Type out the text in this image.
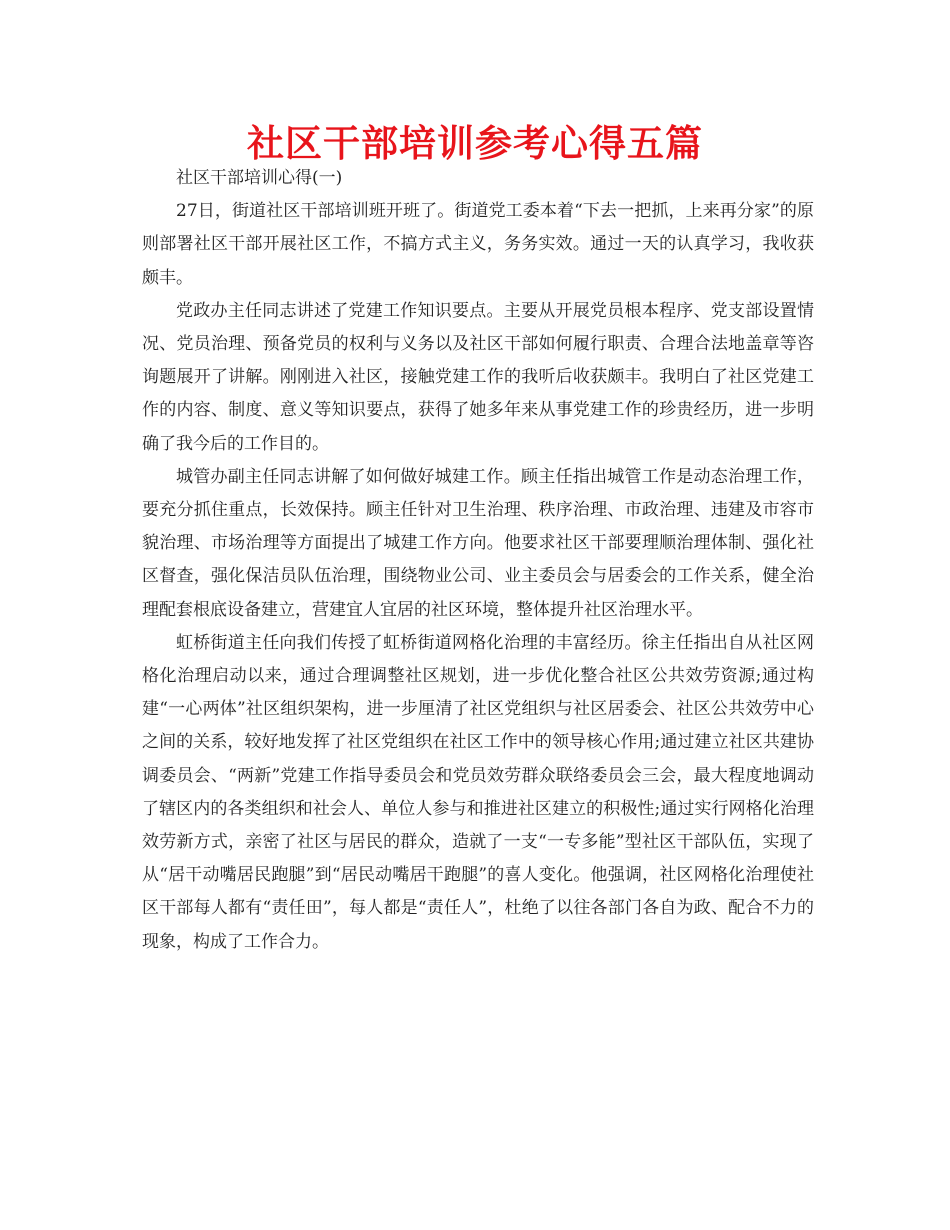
社区干部培训参考心得五篇

社区干部培训心得(一)

27日，街道社区干部培训班开班了。街道党工委本着“下去一把抓，上来再分家”的原则部署社区干部开展社区工作，不搞方式主义，务务实效。通过一天的认真学习，我收获颇丰。

党政办主任同志讲述了党建工作知识要点。主要从开展党员根本程序、党支部设置情况、党员治理、预备党员的权利与义务以及社区干部如何履行职责、合理合法地盖章等咨询题展开了讲解。刚刚进入社区，接触党建工作的我听后收获颇丰。我明白了社区党建工作的内容、制度、意义等知识要点，获得了她多年来从事党建工作的珍贵经历，进一步明确了我今后的工作目的。

城管办副主任同志讲解了如何做好城建工作。顾主任指出城管工作是动态治理工作，要充分抓住重点，长效保持。顾主任针对卫生治理、秩序治理、市政治理、违建及市容市貌治理、市场治理等方面提出了城建工作方向。他要求社区干部要理顺治理体制、强化社区督查，强化保洁员队伍治理，围绕物业公司、业主委员会与居委会的工作关系，健全治理配套根底设备建立，营建宜人宜居的社区环境，整体提升社区治理水平。

虹桥街道主任向我们传授了虹桥街道网格化治理的丰富经历。徐主任指出自从社区网格化治理启动以来，通过合理调整社区规划，进一步优化整合社区公共效劳资源;通过构建“一心两体”社区组织架构，进一步厘清了社区党组织与社区居委会、社区公共效劳中心之间的关系，较好地发挥了社区党组织在社区工作中的领导核心作用;通过建立社区共建协调委员会、“两新”党建工作指导委员会和党员效劳群众联络委员会三会，最大程度地调动了辖区内的各类组织和社会人、单位人参与和推进社区建立的积极性;通过实行网格化治理效劳新方式，亲密了社区与居民的群众，造就了一支“一专多能”型社区干部队伍，实现了从“居干动嘴居民跑腿”到“居民动嘴居干跑腿”的喜人变化。他强调，社区网格化治理使社区干部每人都有“责任田”，每人都是“责任人”，杜绝了以往各部门各自为政、配合不力的现象，构成了工作合力。
